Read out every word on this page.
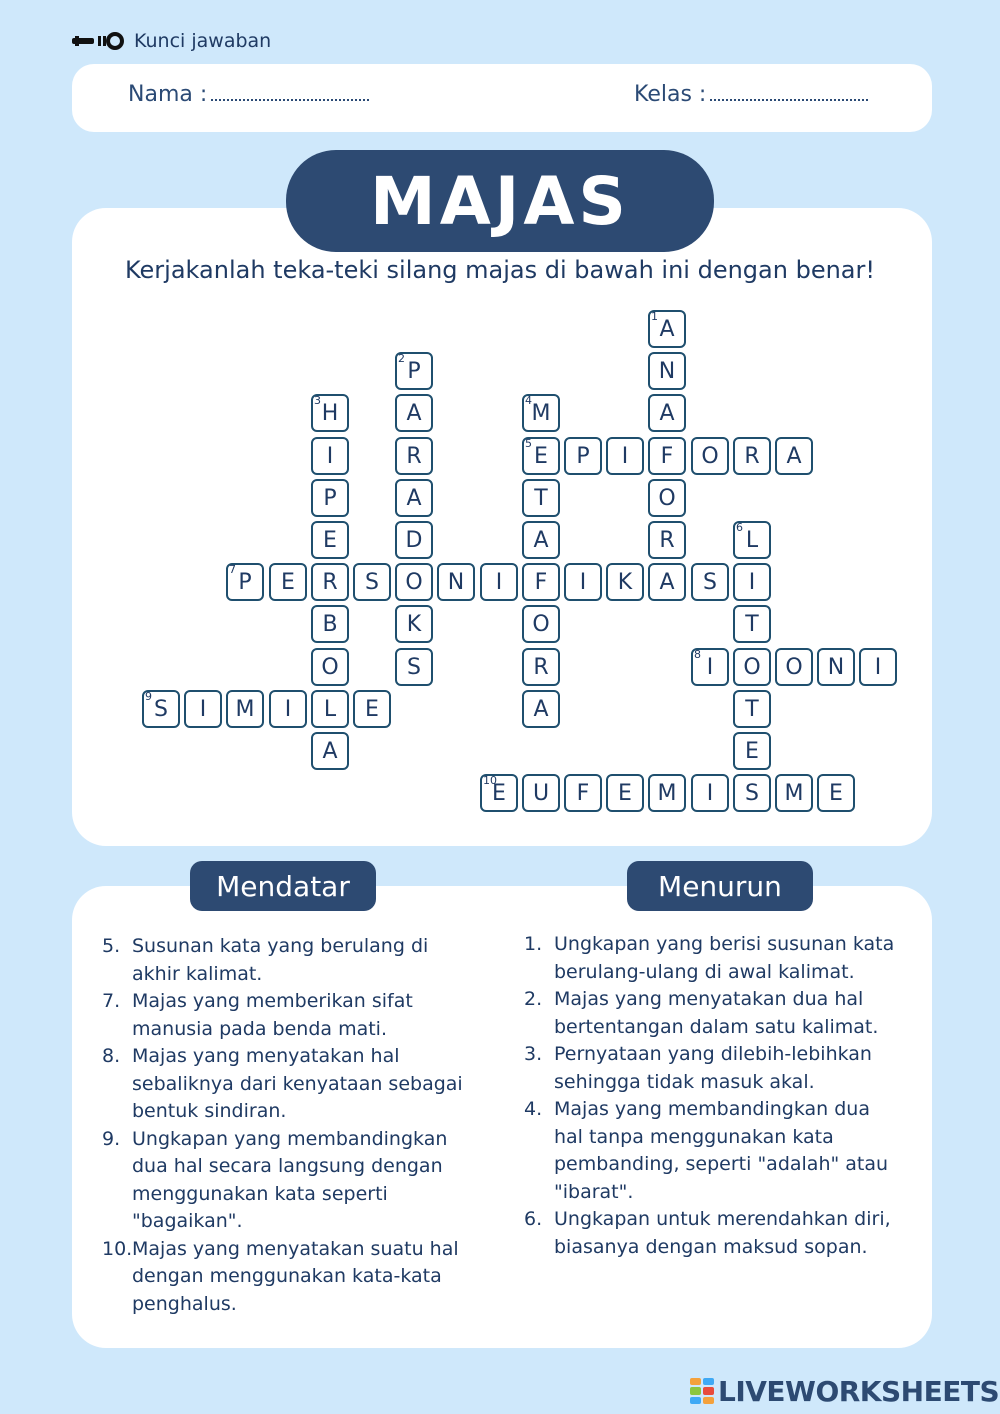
Kunci jawaban
Nama :	Kelas :
MAJAS
Kerjakanlah teka-teki silang majas di bawah ini dengan benar!
A
1
N
A
F
O
R
A
P
2
A
R
A
D
O
K
S
H
3
I
P
E
R
B
O
L
A
M
4
E
5
T
A
F
O
R
A
P	I	O	R	A
L
6
I
T
O
T
E
P
7	E	S	N	I	I	K	S
I
8	O	N	I
S
9	I	M	I	E
E
10	U	F	E	M	I	S	M	E
Mendatar	Menurun
5. Susunan kata yang berulang di akhir kalimat.
7. Majas yang memberikan sifat manusia pada benda mati.
8. Majas yang menyatakan hal sebaliknya dari kenyataan sebagai bentuk sindiran.
9. Ungkapan yang membandingkan dua hal secara langsung dengan menggunakan kata seperti "bagaikan".
10. Majas yang menyatakan suatu hal dengan menggunakan kata-kata penghalus.
1. Ungkapan yang berisi susunan kata berulang-ulang di awal kalimat.
2. Majas yang menyatakan dua hal bertentangan dalam satu kalimat.
3. Pernyataan yang dilebih-lebihkan sehingga tidak masuk akal.
4. Majas yang membandingkan dua hal tanpa menggunakan kata pembanding, seperti "adalah" atau "ibarat".
6. Ungkapan untuk merendahkan diri, biasanya dengan maksud sopan.
LIVEWORKSHEETS
